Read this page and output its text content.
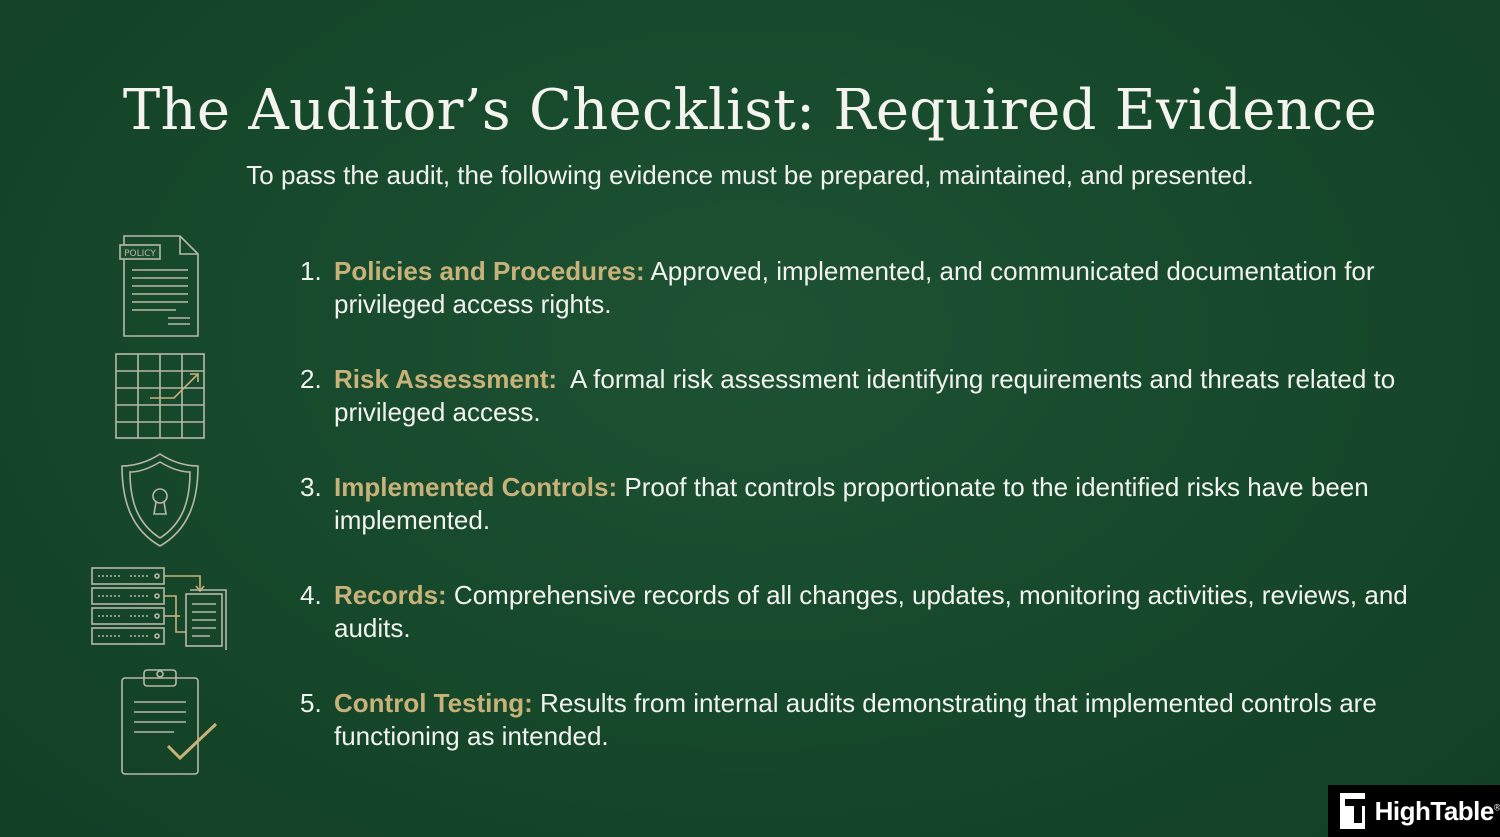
The Auditor’s Checklist: Required Evidence
To pass the audit, the following evidence must be prepared, maintained, and presented.
POLICY
1. Policies and Procedures: Approved, implemented, and communicated documentation for privileged access rights.
2. Risk Assessment:  A formal risk assessment identifying requirements and threats related to privileged access.
3. Implemented Controls: Proof that controls proportionate to the identified risks have been implemented.
4. Records: Comprehensive records of all changes, updates, monitoring activities, reviews, and audits.
5. Control Testing: Results from internal audits demonstrating that implemented controls are functioning as intended.
HighTable®
